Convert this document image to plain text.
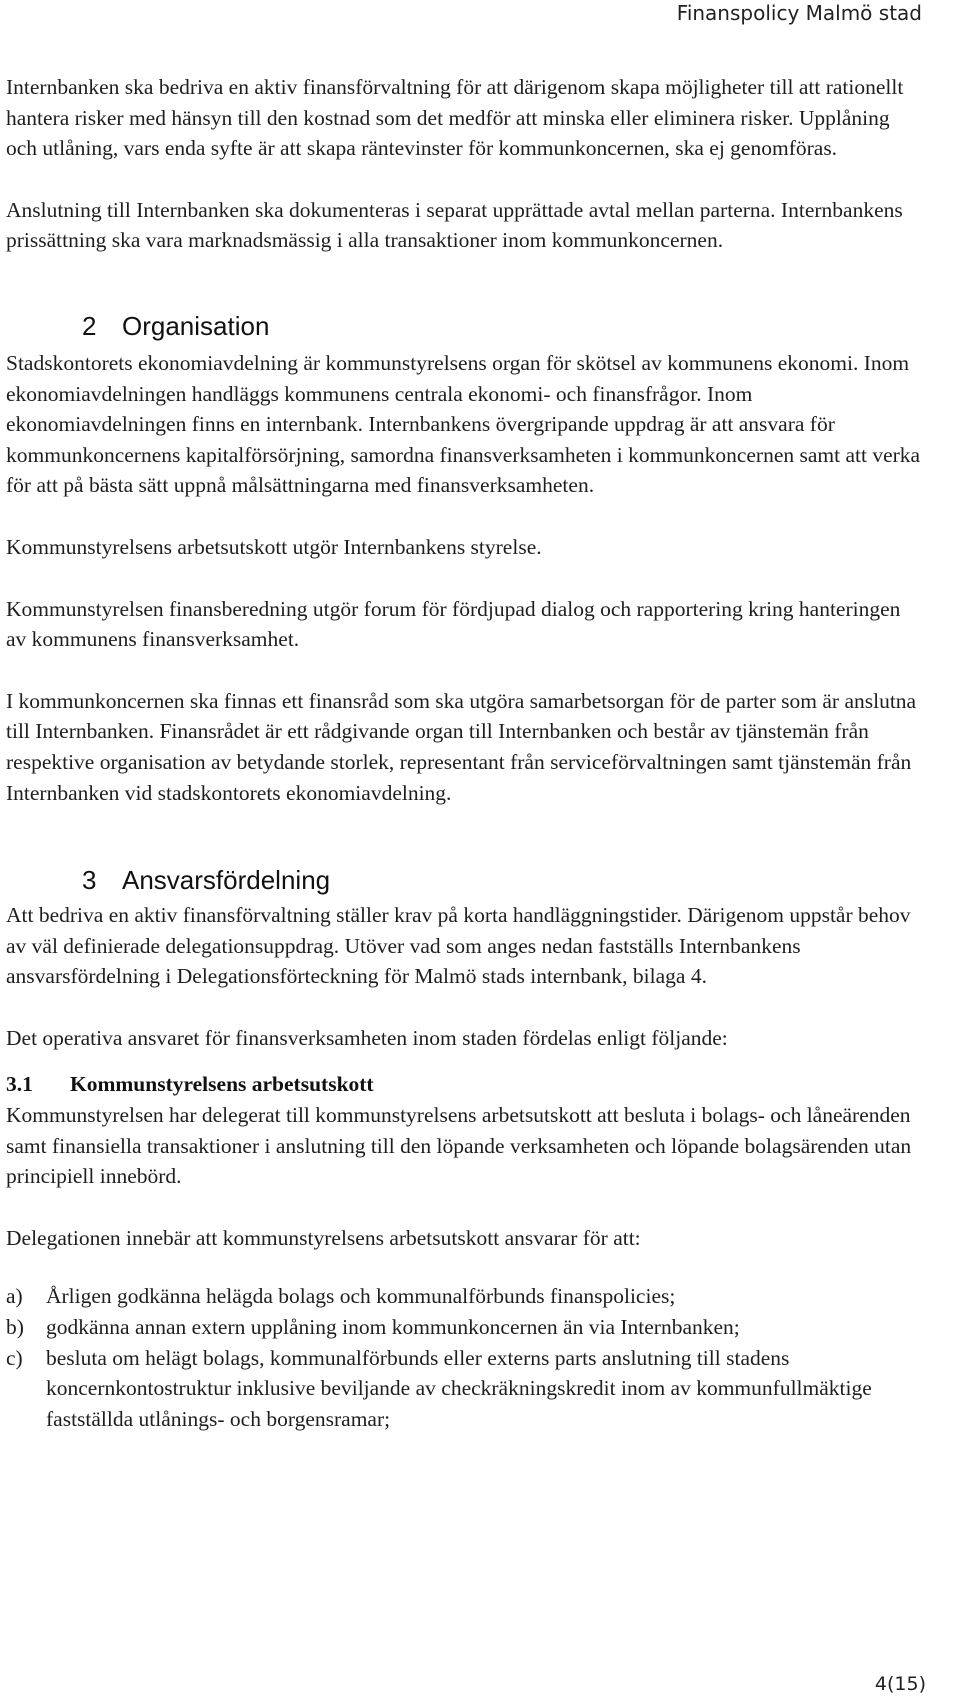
Finanspolicy Malmö stad

Internbanken ska bedriva en aktiv finansförvaltning för att därigenom skapa möjligheter till att rationellt hantera risker med hänsyn till den kostnad som det medför att minska eller eliminera risker. Upplåning och utlåning, vars enda syfte är att skapa räntevinster för kommunkoncernen, ska ej genomföras.

Anslutning till Internbanken ska dokumenteras i separat upprättade avtal mellan parterna. Internbankens prissättning ska vara marknadsmässig i alla transaktioner inom kommunkoncernen.

2 Organisation

Stadskontorets ekonomiavdelning är kommunstyrelsens organ för skötsel av kommunens ekonomi. Inom ekonomiavdelningen handläggs kommunens centrala ekonomi- och finansfrågor. Inom ekonomiavdelningen finns en internbank. Internbankens övergripande uppdrag är att ansvara för kommunkoncernens kapitalförsörjning, samordna finansverksamheten i kommunkoncernen samt att verka för att på bästa sätt uppnå målsättningarna med finansverksamheten.

Kommunstyrelsens arbetsutskott utgör Internbankens styrelse.

Kommunstyrelsen finansberedning utgör forum för fördjupad dialog och rapportering kring hanteringen av kommunens finansverksamhet.

I kommunkoncernen ska finnas ett finansråd som ska utgöra samarbetsorgan för de parter som är anslutna till Internbanken. Finansrådet är ett rådgivande organ till Internbanken och består av tjänstemän från respektive organisation av betydande storlek, representant från serviceförvaltningen samt tjänstemän från Internbanken vid stadskontorets ekonomiavdelning.

3 Ansvarsfördelning

Att bedriva en aktiv finansförvaltning ställer krav på korta handläggningstider. Därigenom uppstår behov av väl definierade delegationsuppdrag. Utöver vad som anges nedan fastställs Internbankens ansvarsfördelning i Delegationsförteckning för Malmö stads internbank, bilaga 4.

Det operativa ansvaret för finansverksamheten inom staden fördelas enligt följande:

3.1 Kommunstyrelsens arbetsutskott

Kommunstyrelsen har delegerat till kommunstyrelsens arbetsutskott att besluta i bolags- och låneärenden samt finansiella transaktioner i anslutning till den löpande verksamheten och löpande bolagsärenden utan principiell innebörd.

Delegationen innebär att kommunstyrelsens arbetsutskott ansvarar för att:

a) Årligen godkänna helägda bolags och kommunalförbunds finanspolicies;
b) godkänna annan extern upplåning inom kommunkoncernen än via Internbanken;
c) besluta om helägt bolags, kommunalförbunds eller externs parts anslutning till stadens koncernkontostruktur inklusive beviljande av checkräkningskredit inom av kommunfullmäktige fastställda utlånings- och borgensramar;
4(15)
